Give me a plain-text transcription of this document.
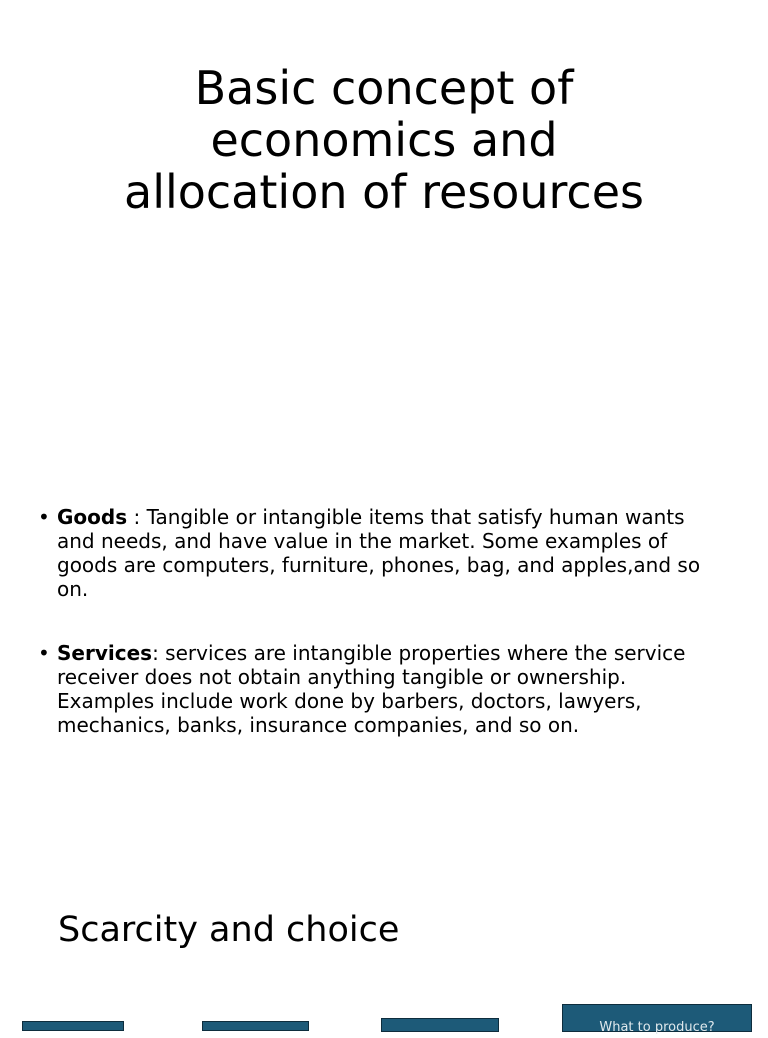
Basic concept of
economics and
allocation of resources
• Goods : Tangible or intangible items that satisfy human wants and needs, and have value in the market. Some examples of goods are computers, furniture, phones, bag, and apples,and so on.
• Services: services are intangible properties where the service receiver does not obtain anything tangible or ownership. Examples include work done by barbers, doctors, lawyers, mechanics, banks, insurance companies, and so on.
Scarcity and choice
What to produce?
